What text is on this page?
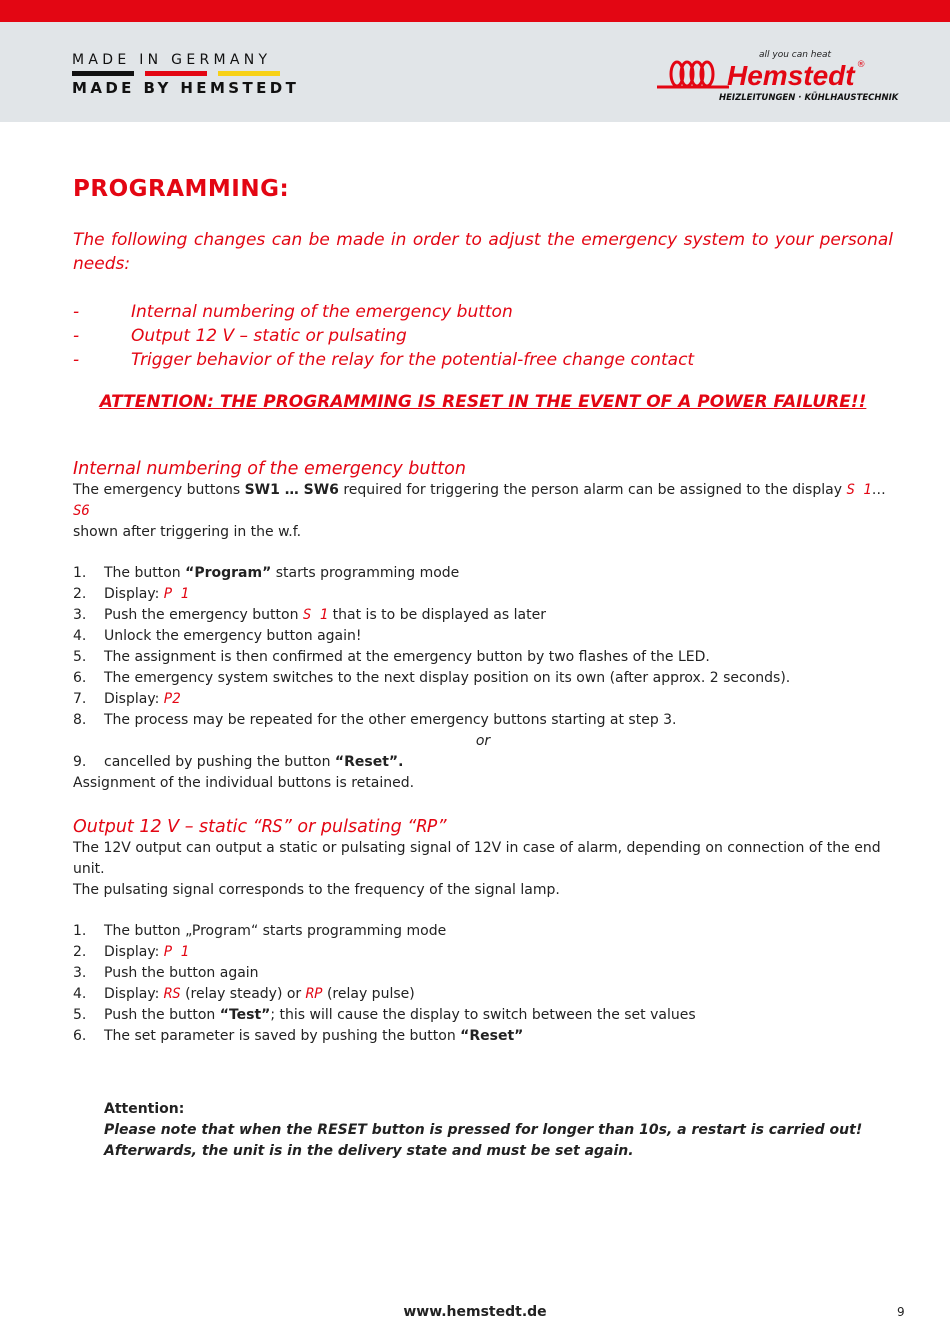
MADE IN GERMANY
MADE BY HEMSTEDT
all you can heat
Hemstedt ®
HEIZLEITUNGEN · KÜHLHAUSTECHNIK
PROGRAMMING:
The following changes can be made in order to adjust the emergency system to your personal needs:
-	Internal numbering of the emergency button
-	Output 12 V – static or pulsating
-	Trigger behavior of the relay for the potential-free change contact
ATTENTION: THE PROGRAMMING IS RESET IN THE EVENT OF A POWER FAILURE!!
Internal numbering of the emergency button

The emergency buttons SW1 … SW6 required for triggering the person alarm can be assigned to the display S 1… S6

shown after triggering in the w.f.

1.	The button “Program” starts programming mode
2.	Display: P 1
3.	Push the emergency button S 1 that is to be displayed as later
4.	Unlock the emergency button again!
5.	The assignment is then confirmed at the emergency button by two flashes of the LED.
6.	The emergency system switches to the next display position on its own (after approx. 2 seconds).
7.	Display: P2
8.	The process may be repeated for the other emergency buttons starting at step 3.
or
9.	cancelled by pushing the button “Reset”.

Assignment of the individual buttons is retained.

Output 12 V – static “RS” or pulsating “RP”

The 12V output can output a static or pulsating signal of 12V in case of alarm, depending on connection of the end unit.

The pulsating signal corresponds to the frequency of the signal lamp.

1.	The button „Program“ starts programming mode
2.	Display: P 1
3.	Push the button again
4.	Display: RS (relay steady) or RP (relay pulse)
5.	Push the button “Test”; this will cause the display to switch between the set values
6.	The set parameter is saved by pushing the button “Reset”

Attention:

Please note that when the RESET button is pressed for longer than 10s, a restart is carried out!

Afterwards, the unit is in the delivery state and must be set again.

www.hemstedt.de	9
